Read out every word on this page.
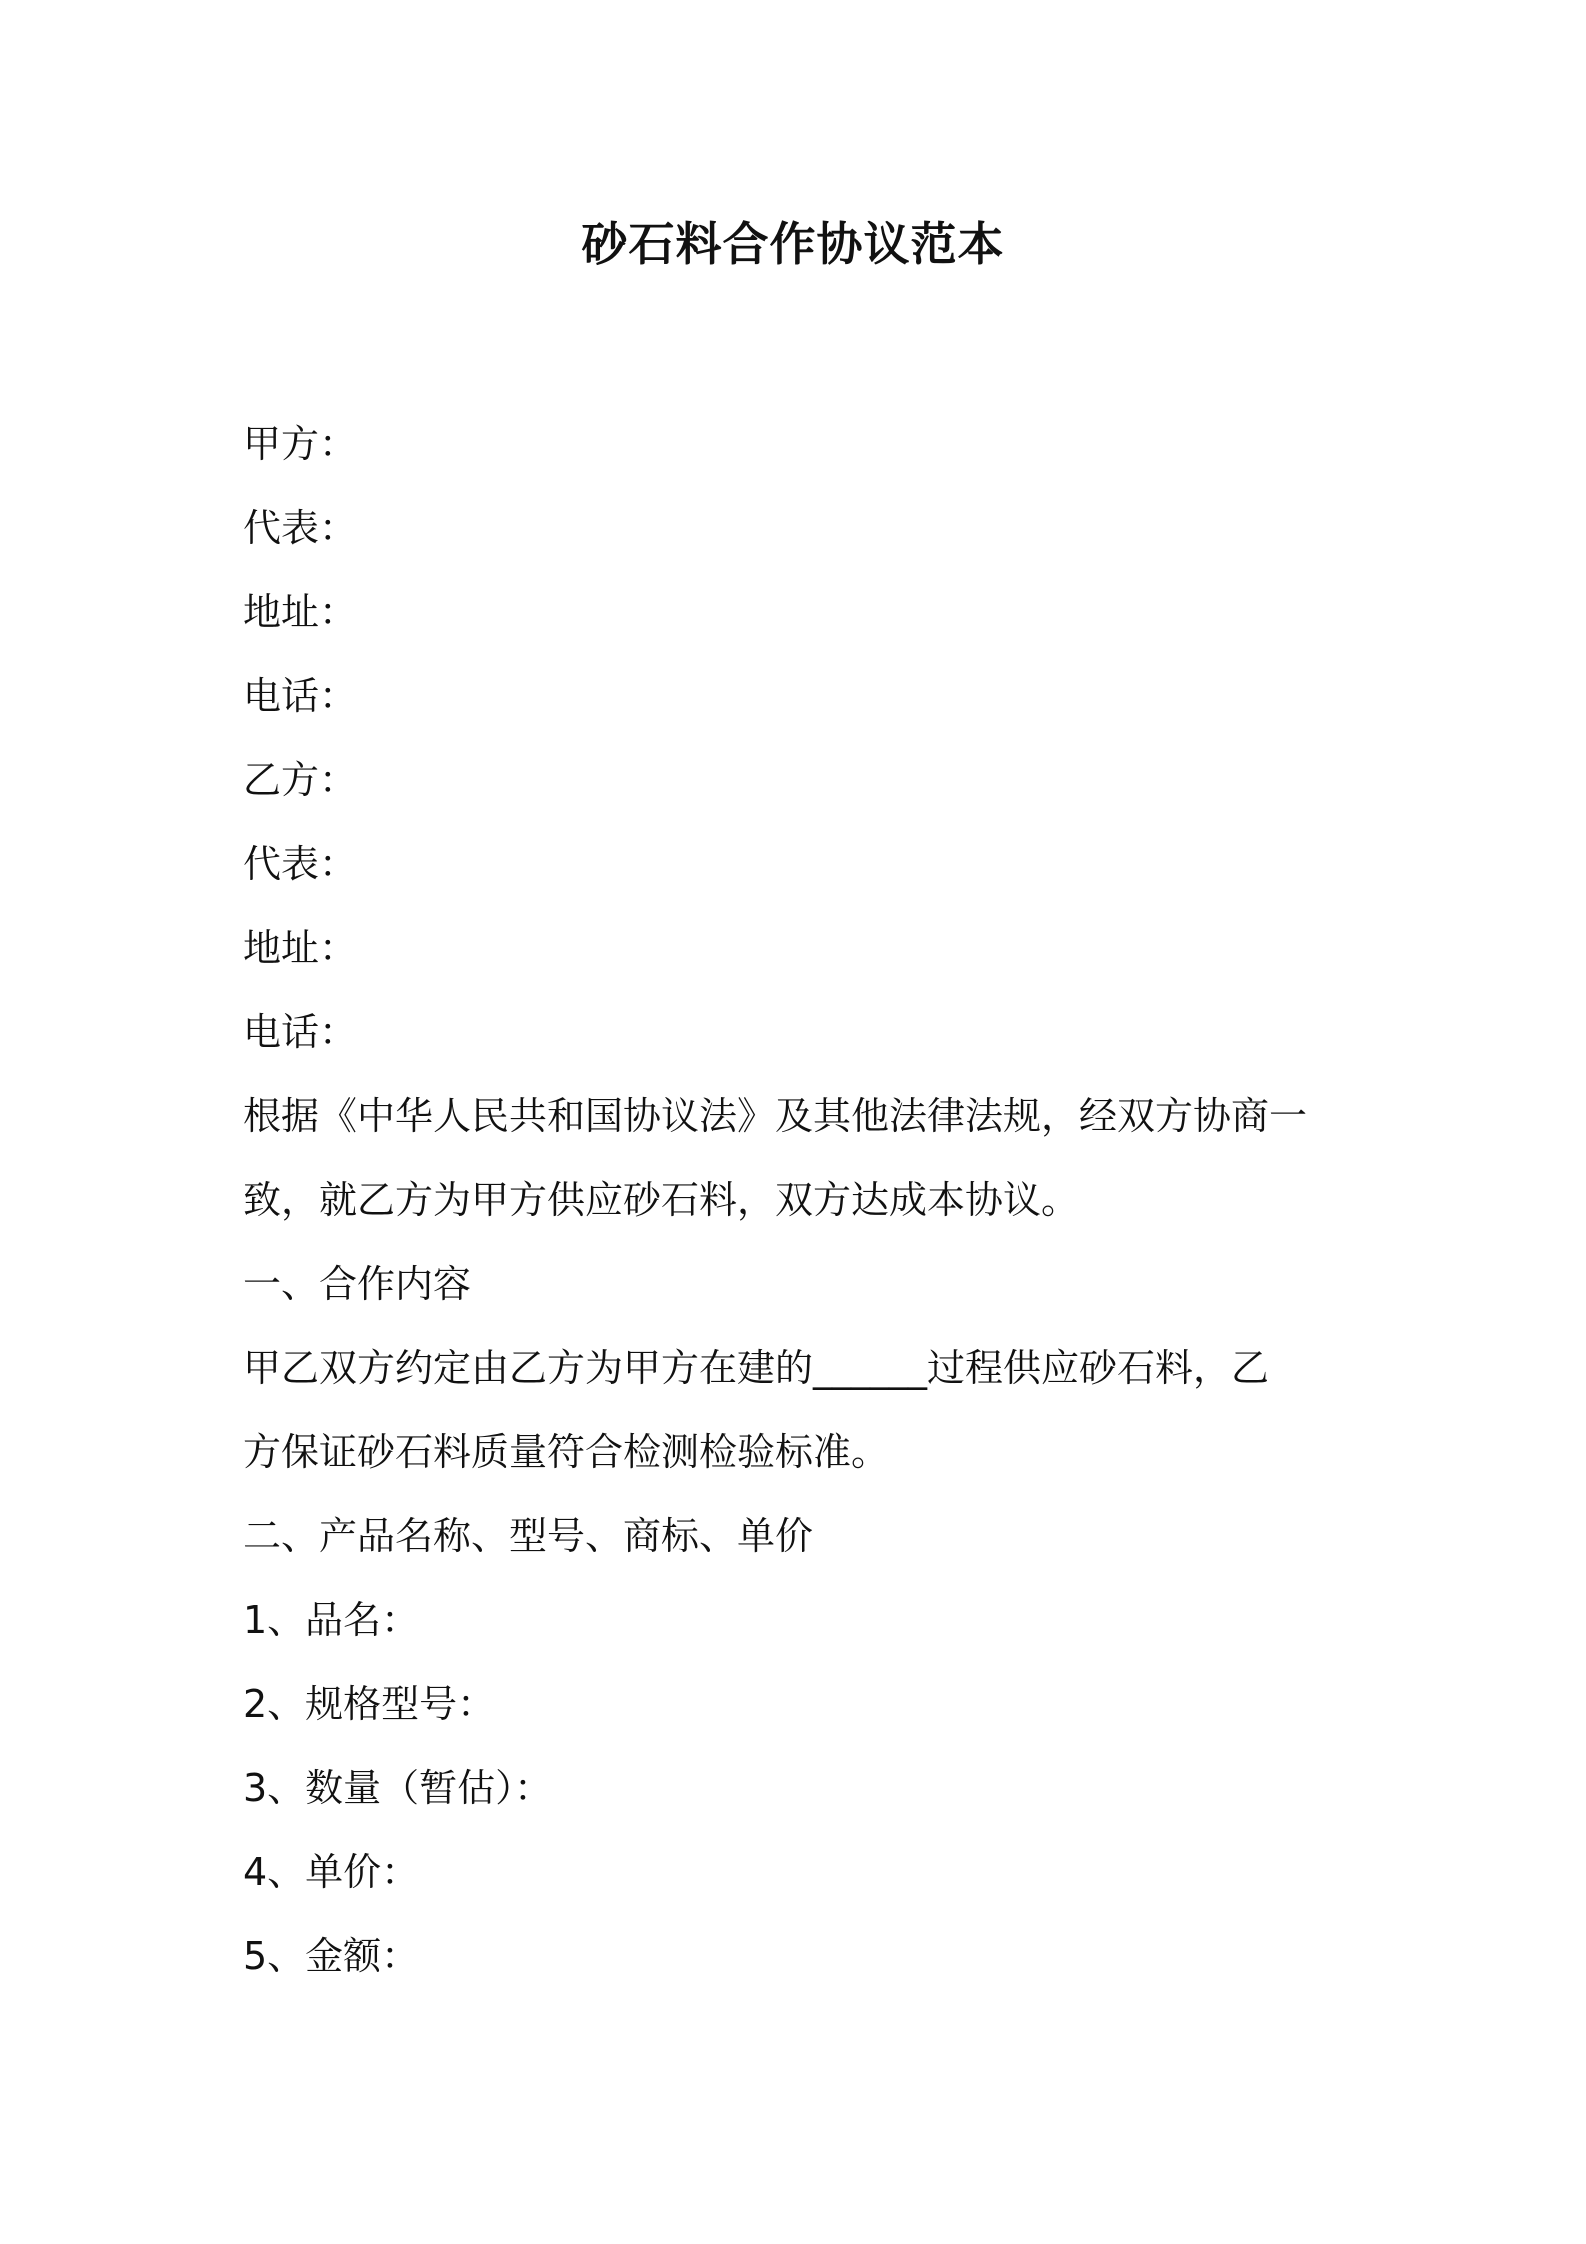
砂石料合作协议范本
甲方：
代表：
地址：
电话：
乙方：
代表：
地址：
电话：
根据《中华人民共和国协议法》及其他法律法规，经双方协商一
致，就乙方为甲方供应砂石料，双方达成本协议。
一、合作内容
甲乙双方约定由乙方为甲方在建的______过程供应砂石料，乙
方保证砂石料质量符合检测检验标准。
二、产品名称、型号、商标、单价
1、品名：
2、规格型号：
3、数量（暂估）：
4、单价：
5、金额：
